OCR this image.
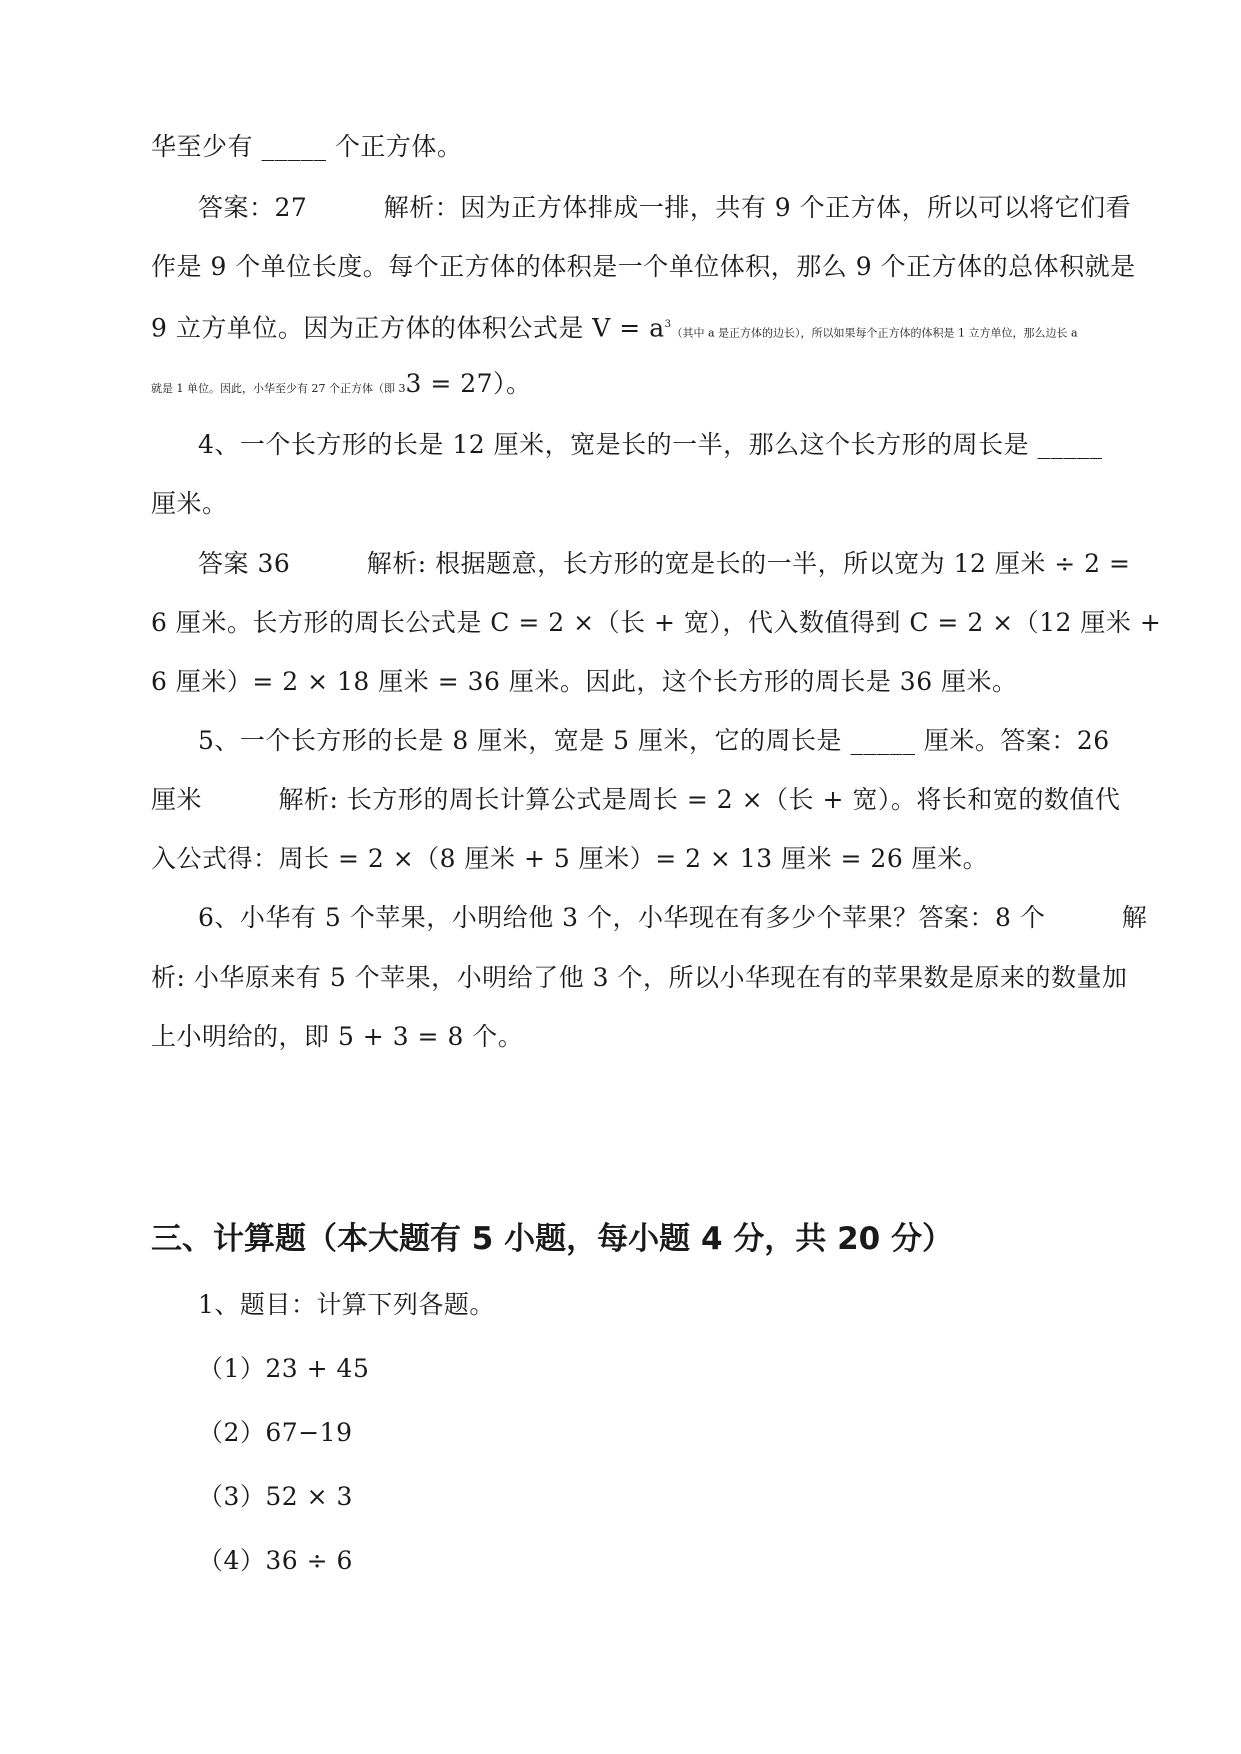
华至少有 _____ 个正方体。
答案：27　　　解析：因为正方体排成一排，共有 9 个正方体，所以可以将它们看
作是 9 个单位长度。每个正方体的体积是一个单位体积，那么 9 个正方体的总体积就是
9 立方单位。因为正方体的体积公式是 $V = a^3$（其中 a 是正方体的边长），所以如果每个正方体的体积是 1 立方单位，那么边长 a
就是 1 单位。因此，小华至少有 27 个正方体（即 33 = 27）。
4、一个长方形的长是 12 厘米，宽是长的一半，那么这个长方形的周长是 _____
厘米。
答案 36　　　解析: 根据题意，长方形的宽是长的一半，所以宽为 12 厘米 ÷ 2 =
6 厘米。长方形的周长公式是 C = 2 ×（长 + 宽），代入数值得到 C = 2 ×（12 厘米 +
6 厘米）= 2 × 18 厘米 = 36 厘米。因此，这个长方形的周长是 36 厘米。
5、一个长方形的长是 8 厘米，宽是 5 厘米，它的周长是 _____ 厘米。答案：26
厘米　　　解析: 长方形的周长计算公式是周长 = 2 ×（长 + 宽）。将长和宽的数值代
入公式得：周长 = 2 ×（8 厘米 + 5 厘米）= 2 × 13 厘米 = 26 厘米。
6、小华有 5 个苹果，小明给他 3 个，小华现在有多少个苹果？答案：8 个　　　解
析: 小华原来有 5 个苹果，小明给了他 3 个，所以小华现在有的苹果数是原来的数量加
上小明给的，即 5 + 3 = 8 个。
三、计算题（本大题有 5 小题，每小题 4 分，共 20 分）
1、题目：计算下列各题。
（1）23 + 45
（2）67−19
（3）52 × 3
（4）36 ÷ 6
